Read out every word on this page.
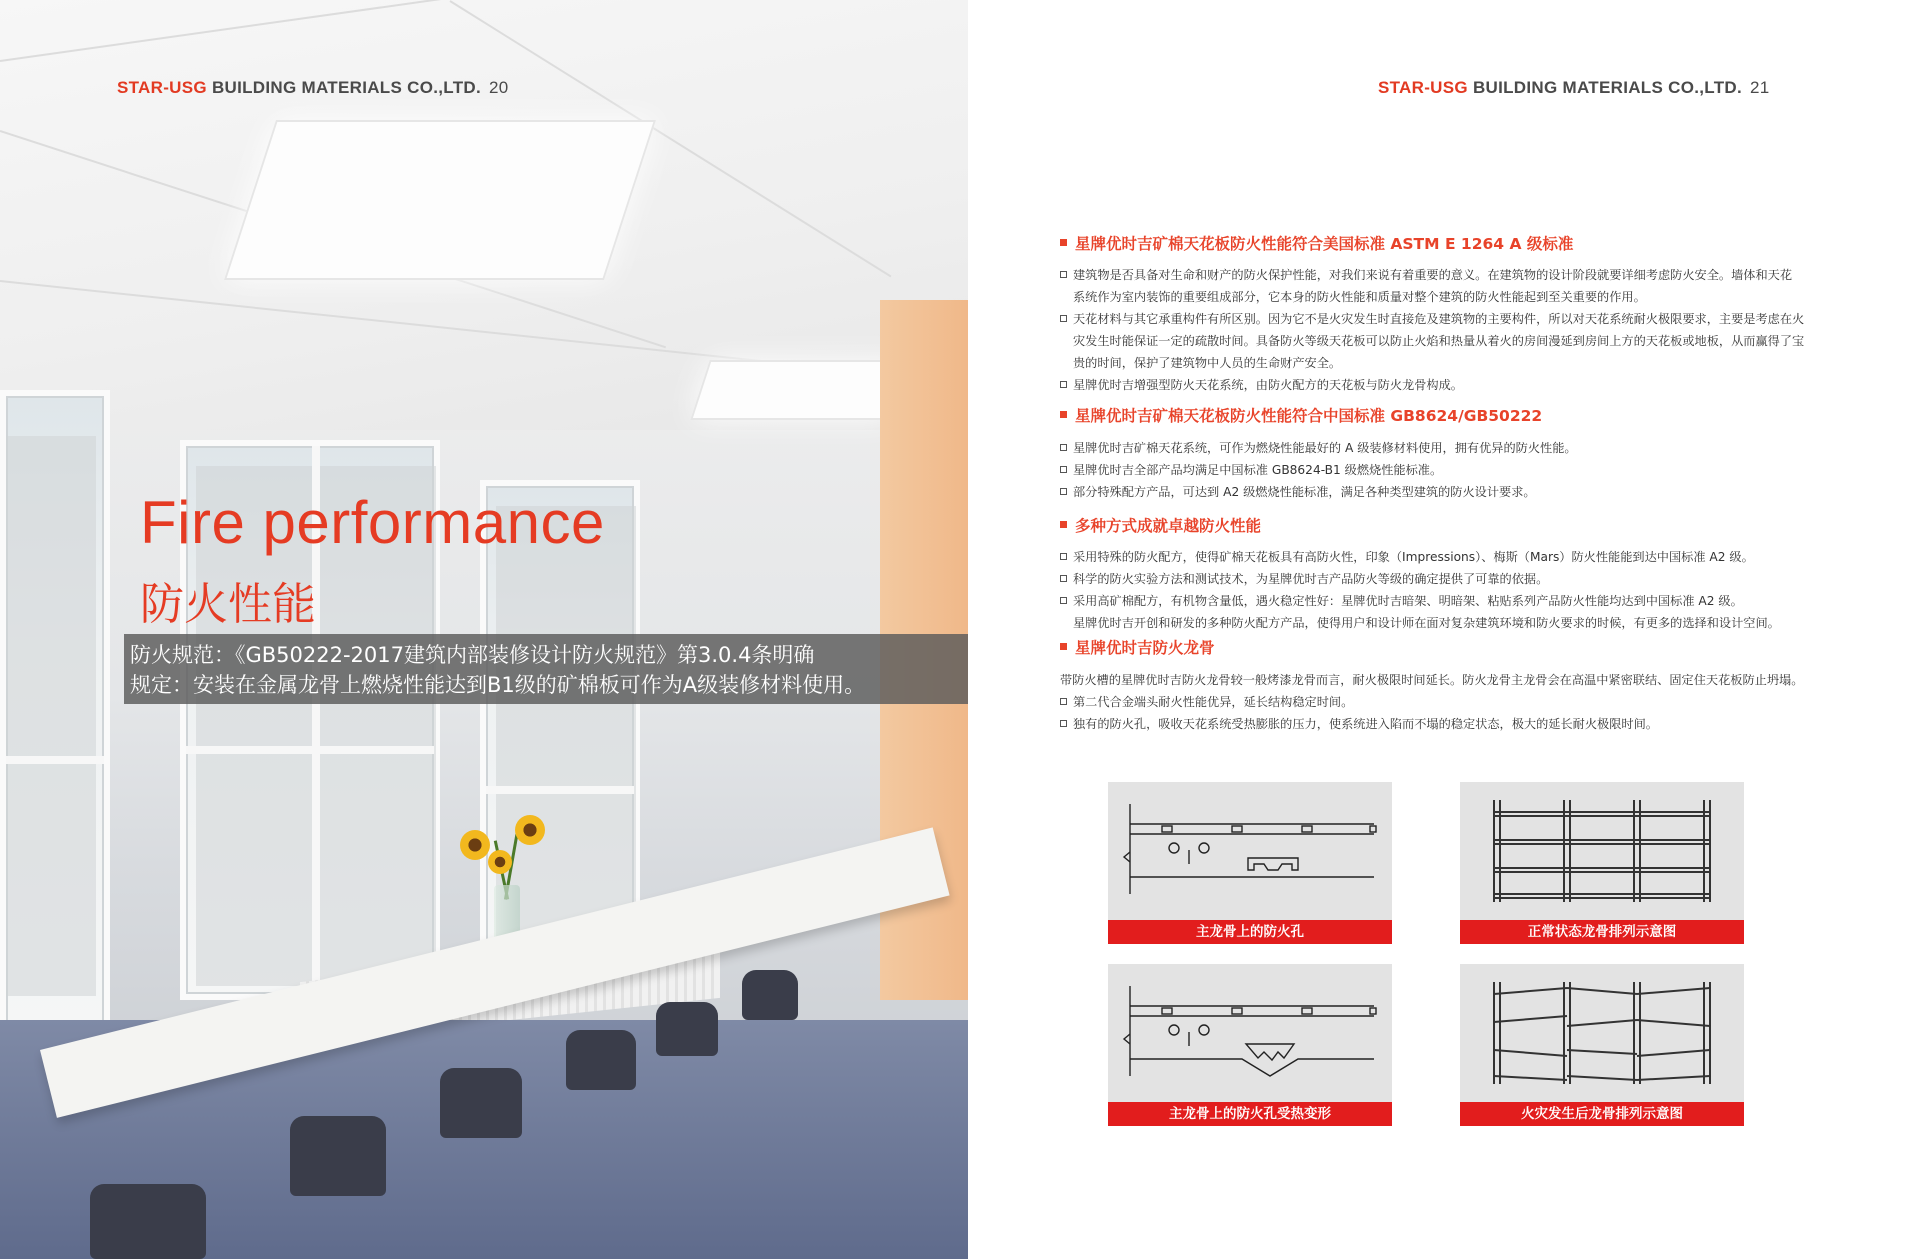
STAR-USG BUILDING MATERIALS CO.,LTD. 20
Fire performance
防火性能

防火规范：《GB50222-2017建筑内部装修设计防火规范》第3.0.4条明确

规定：安装在金属龙骨上燃烧性能达到B1级的矿棉板可作为A级装修材料使用。

STAR-USG BUILDING MATERIALS CO.,LTD. 21
星牌优时吉矿棉天花板防火性能符合美国标准 ASTM E 1264 A 级标准
建筑物是否具备对生命和财产的防火保护性能，对我们来说有着重要的意义。在建筑物的设计阶段就要详细考虑防火安全。墙体和天花
系统作为室内装饰的重要组成部分，它本身的防火性能和质量对整个建筑的防火性能起到至关重要的作用。
天花材料与其它承重构件有所区别。因为它不是火灾发生时直接危及建筑物的主要构件，所以对天花系统耐火极限要求，主要是考虑在火
灾发生时能保证一定的疏散时间。具备防火等级天花板可以防止火焰和热量从着火的房间漫延到房间上方的天花板或地板，从而赢得了宝
贵的时间，保护了建筑物中人员的生命财产安全。
星牌优时吉增强型防火天花系统，由防火配方的天花板与防火龙骨构成。
星牌优时吉矿棉天花板防火性能符合中国标准 GB8624/GB50222
星牌优时吉矿棉天花系统，可作为燃烧性能最好的 A 级装修材料使用，拥有优异的防火性能。
星牌优时吉全部产品均满足中国标准 GB8624-B1 级燃烧性能标准。
部分特殊配方产品，可达到 A2 级燃烧性能标准，满足各种类型建筑的防火设计要求。
多种方式成就卓越防火性能
采用特殊的防火配方，使得矿棉天花板具有高防火性，印象（Impressions）、梅斯（Mars）防火性能能到达中国标准 A2 级。
科学的防火实验方法和测试技术，为星牌优时吉产品防火等级的确定提供了可靠的依据。
采用高矿棉配方，有机物含量低，遇火稳定性好：星牌优时吉暗架、明暗架、粘贴系列产品防火性能均达到中国标准 A2 级。
星牌优时吉开创和研发的多种防火配方产品，使得用户和设计师在面对复杂建筑环境和防火要求的时候，有更多的选择和设计空间。
星牌优时吉防火龙骨
带防火槽的星牌优时吉防火龙骨较一般烤漆龙骨而言，耐火极限时间延长。防火龙骨主龙骨会在高温中紧密联结、固定住天花板防止坍塌。
第二代合金端头耐火性能优异，延长结构稳定时间。
独有的防火孔，吸收天花系统受热膨胀的压力，使系统进入陷而不塌的稳定状态，极大的延长耐火极限时间。
主龙骨上的防火孔	正常状态龙骨排列示意图
主龙骨上的防火孔受热变形	火灾发生后龙骨排列示意图
